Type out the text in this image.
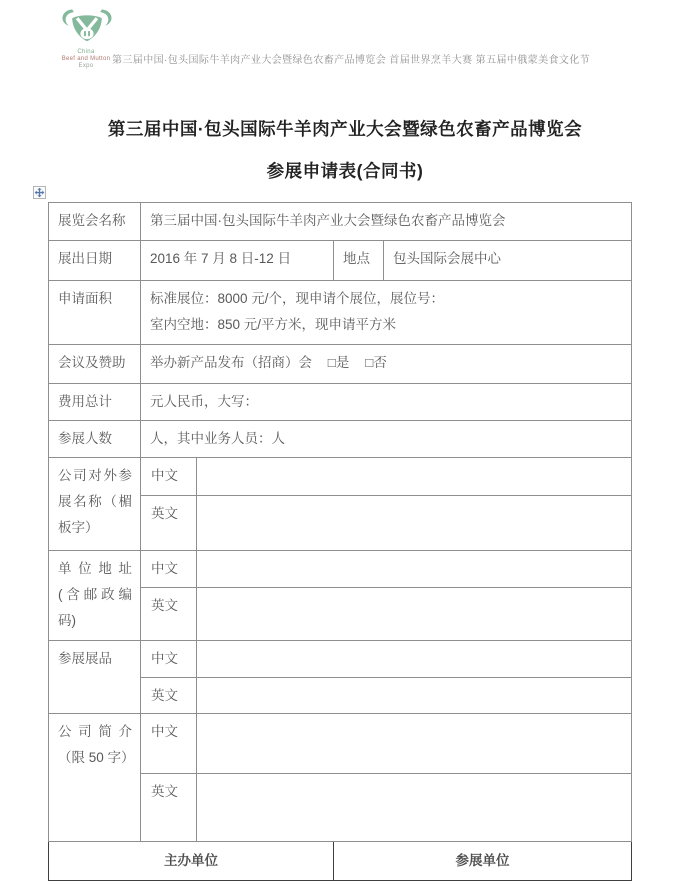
China
Beef and Mutton
Expo	第三届中国·包头国际牛羊肉产业大会暨绿色农畜产品博览会 首届世界烹羊大赛 第五届中俄蒙美食文化节
第三届中国·包头国际牛羊肉产业大会暨绿色农畜产品博览会
参展申请表(合同书)
展览会名称	第三届中国·包头国际牛羊肉产业大会暨绿色农畜产品博览会			
展出日期	2016 年 7 月 8 日-12 日		地点	包头国际会展中心
申请面积	标准展位：8000 元/个，现申请个展位，展位号：
室内空地：850 元/平方米，现申请平方米			

会议及赞助	举办新产品发布（招商）会 □是 □否			
费用总计	元人民币，大写：			
参展人数	人，其中业务人员：人			
公司对外参展名称（楣板字）	中文			
	英文			
单位地址 (含邮政编码)	中文			
	英文			
参展展品	中文			
	英文			
公司简介（限 50 字）	中文			
	英文			
主办单位			参展单位	
